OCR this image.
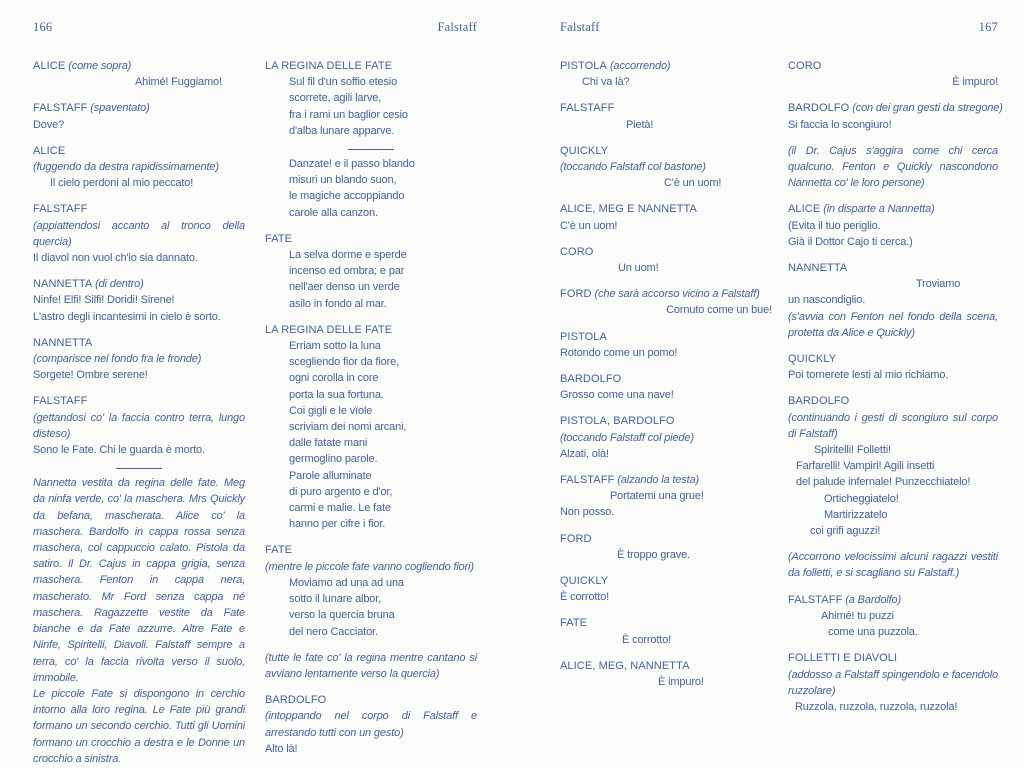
166	Falstaff	Falstaff	167
ALICE (come sopra)
Ahimé! Fuggiamo!
FALSTAFF (spaventato)
Dove?
ALICE
(fuggendo da destra rapidissimamente)
Il cielo perdoni al mio peccato!
FALSTAFF
(appiattendosi accanto al tronco della quercia)
Il diavol non vuol ch'io sia dannato.
NANNETTA (di dentro)
Ninfe! Elfi! Silfi! Doridi! Sirene!
L'astro degli incantesimi in cielo è sorto.
NANNETTA
(comparisce nel fondo fra le fronde)
Sorgete! Ombre serene!
FALSTAFF
(gettandosi co' la faccia contro terra, lungo disteso)
Sono le Fate. Chi le guarda è morto.
Nannetta vestita da regina delle fate. Meg da ninfa verde, co' la maschera. Mrs Quickly da befana, mascherata. Alice co' la maschera. Bardolfo in cappa rossa senza maschera, col cappuccio calato. Pistola da satiro. Il Dr. Cajus in cappa grigia, senza maschera. Fenton in cappa nera, mascherato. Mr Ford senza cappa né maschera. Ragazzette vestite da Fate bianche e da Fate azzurre. Altre Fate e Ninfe, Spiritelli, Diavoli. Falstaff sempre a terra, co' la faccia rivolta verso il suolo, immobile.
Le piccole Fate si dispongono in cerchio intorno alla loro regina. Le Fate più grandi formano un secondo cerchio. Tutti gli Uomini formano un crocchio a destra e le Donne un crocchio a sinistra.
LA REGINA DELLE FATE
Sul fil d'un soffio etesio
scorrete, agili larve,
fra i rami un baglior cesio
d'alba lunare apparve.
Danzate! e il passo blando
misuri un blando suon,
le magiche accoppiando
carole alla canzon.
FATE
La selva dorme e sperde
incenso ed ombra; e par
nell'aer denso un verde
asilo in fondo al mar.
LA REGINA DELLE FATE
Erriam sotto la luna
scegliendo fior da fiore,
ogni corolla in core
porta la sua fortuna.
Coi gigli e le vïole
scriviam dei nomi arcani,
dalle fatate mani
germoglino parole.
Parole alluminate
di puro argento e d'or,
carmi e malie. Le fate
hanno per cifre i fior.
FATE
(mentre le piccole fate vanno cogliendo fiori)
Moviamo ad una ad una
sotto il lunare albor,
verso la quercia bruna
del nero Cacciator.
(tutte le fate co' la regina mentre cantano si avviano lentamente verso la quercia)
BARDOLFO
(intoppando nel corpo di Falstaff e arrestando tutti con un gesto)
Alto là!
PISTOLA (accorrendo)
Chi va là?
FALSTAFF
Pietà!
QUICKLY
(toccando Falstaff col bastone)
C'è un uom!
ALICE, MEG E NANNETTA
C'è un uom!
CORO
Un uom!
FORD (che sarà accorso vicino a Falstaff)
Cornuto come un bue!
PISTOLA
Rotondo come un pomo!
BARDOLFO
Grosso come una nave!
PISTOLA, BARDOLFO
(toccando Falstaff col piede)
Alzati, olà!
FALSTAFF (alzando la testa)
Portatemi una grue!
Non posso.
FORD
È troppo grave.
QUICKLY
È corrotto!
FATE
È corrotto!
ALICE, MEG, NANNETTA
È impuro!
CORO
È impuro!
BARDOLFO (con dei gran gesti da stregone)
Si faccia lo scongiuro!
(il Dr. Cajus s'aggira come chi cerca qualcuno. Fenton e Quickly nascondono Nannetta co' le loro persone)
ALICE (in disparte a Nannetta)
(Evita il tuo periglio.
Già il Dottor Cajo ti cerca.)
NANNETTA
Troviamo
un nascondiglio.
(s'avvia con Fenton nel fondo della scena, protetta da Alice e Quickly)
QUICKLY
Poi tornerete lesti al mio richiamo.
BARDOLFO
(continuando i gesti di scongiuro sul corpo di Falstaff)
Spiritelli! Folletti!
Farfarelli! Vampiri! Agili insetti
del palude infernale! Punzecchiatelo!
Orticheggiatelo!
Martirizzatelo
coi grifi aguzzi!
(Accorrono velocissimi alcuni ragazzi vestiti da folletti, e si scagliano su Falstaff.)
FALSTAFF (a Bardolfo)
Ahimé! tu puzzi
come una puzzola.
FOLLETTI E DIAVOLI
(addosso a Falstaff spingendolo e facendolo ruzzolare)
Ruzzola, ruzzola, ruzzola, ruzzola!
